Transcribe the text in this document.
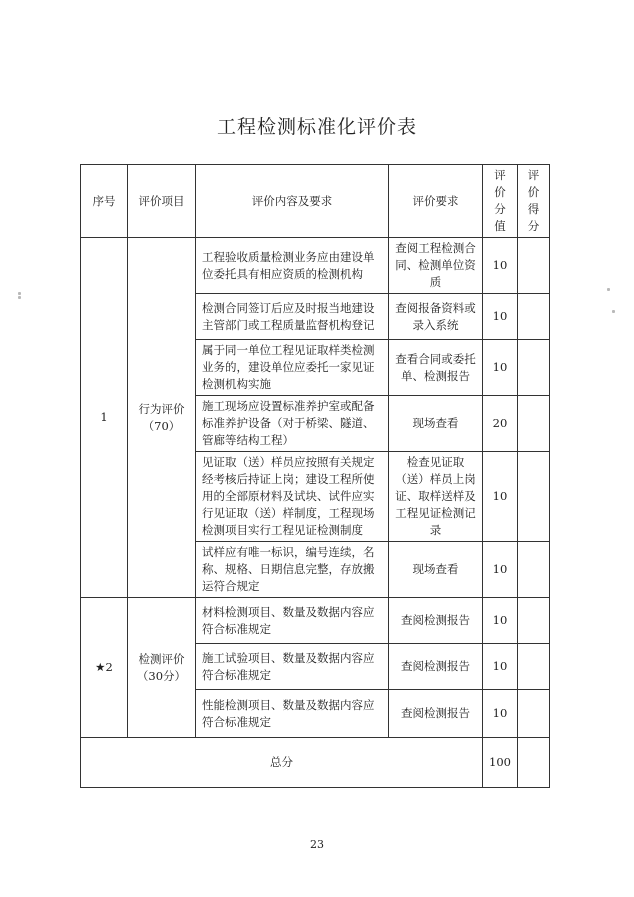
工程检测标准化评价表
序号	评价项目	评价内容及要求	评价要求	评价分值	评价得分
1	行为评价（70）	工程验收质量检测业务应由建设单位委托具有相应资质的检测机构	查阅工程检测合同、检测单位资质	10	
		检测合同签订后应及时报当地建设主管部门或工程质量监督机构登记	查阅报备资料或录入系统	10	
		属于同一单位工程见证取样类检测业务的，建设单位应委托一家见证检测机构实施	查看合同或委托单、检测报告	10	
		施工现场应设置标准养护室或配备标准养护设备（对于桥梁、隧道、管廊等结构工程）	现场查看	20	
		见证取（送）样员应按照有关规定经考核后持证上岗；建设工程所使用的全部原材料及试块、试件应实行见证取（送）样制度，工程现场检测项目实行工程见证检测制度	检查见证取（送）样员上岗证、取样送样及工程见证检测记录	10	
		试样应有唯一标识，编号连续，名称、规格、日期信息完整，存放搬运符合规定	现场查看	10	
★2	检测评价（30分）	材料检测项目、数量及数据内容应符合标准规定	查阅检测报告	10	
		施工试验项目、数量及数据内容应符合标准规定	查阅检测报告	10	
		性能检测项目、数量及数据内容应符合标准规定	查阅检测报告	10	
总分				100	
23
